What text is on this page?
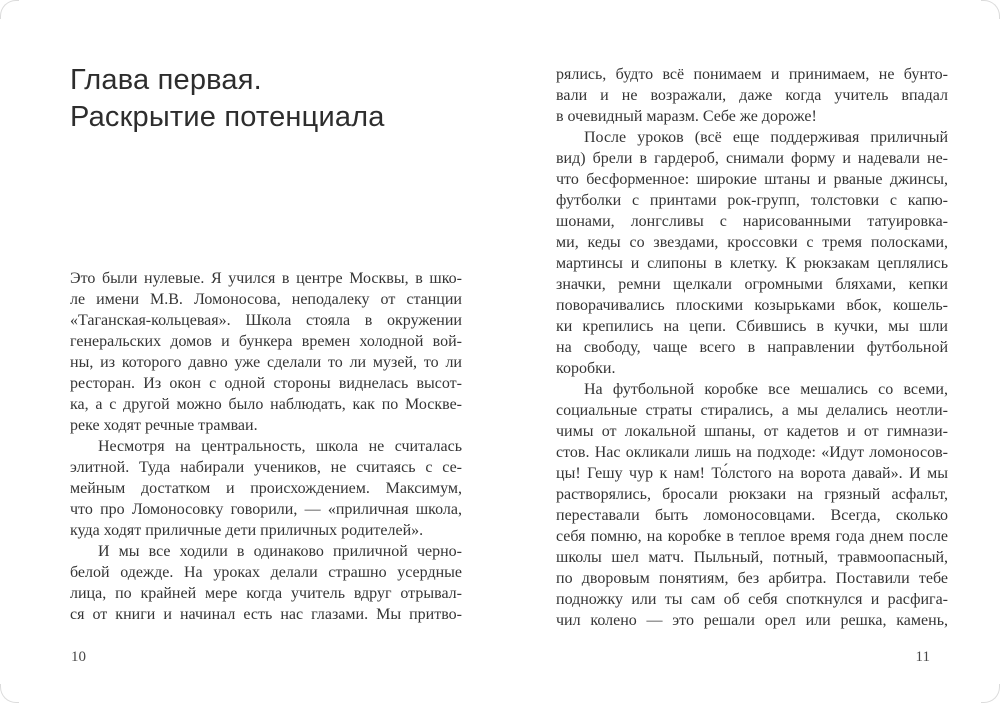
Глава первая.
Раскрытие потенциала
Это были нулевые. Я учился в центре Москвы, в шко-
ле имени М.В. Ломоносова, неподалеку от станции
«Таганская-кольцевая». Школа стояла в окружении
генеральских домов и бункера времен холодной вой-
ны, из которого давно уже сделали то ли музей, то ли
ресторан. Из окон с одной стороны виднелась высот-
ка, а с другой можно было наблюдать, как по Москве-
реке ходят речные трамваи.
Несмотря на центральность, школа не считалась
элитной. Туда набирали учеников, не считаясь с се-
мейным достатком и происхождением. Максимум,
что про Ломоносовку говорили, — «приличная школа,
куда ходят приличные дети приличных родителей».
И мы все ходили в одинаково приличной черно-
белой одежде. На уроках делали страшно усердные
лица, по крайней мере когда учитель вдруг отрывал-
ся от книги и начинал есть нас глазами. Мы притво-
10
рялись, будто всё понимаем и принимаем, не бунто-
вали и не возражали, даже когда учитель впадал
в очевидный маразм. Себе же дороже!
После уроков (всё еще поддерживая приличный
вид) брели в гардероб, снимали форму и надевали не-
что бесформенное: широкие штаны и рваные джинсы,
футболки с принтами рок-групп, толстовки с капю-
шонами, лонгсливы с нарисованными татуировка-
ми, кеды со звездами, кроссовки с тремя полосками,
мартинсы и слипоны в клетку. К рюкзакам цеплялись
значки, ремни щелкали огромными бляхами, кепки
поворачивались плоскими козырьками вбок, кошель-
ки крепились на цепи. Сбившись в кучки, мы шли
на свободу, чаще всего в направлении футбольной
коробки.
На футбольной коробке все мешались со всеми,
социальные страты стирались, а мы делались неотли-
чимы от локальной шпаны, от кадетов и от гимнази-
стов. Нас окликали лишь на подходе: «Идут ломоносов-
цы! Гешу чур к нам! То́лстого на ворота давай». И мы
растворялись, бросали рюкзаки на грязный асфальт,
переставали быть ломоносовцами. Всегда, сколько
себя помню, на коробке в теплое время года днем после
школы шел матч. Пыльный, потный, травмоопасный,
по дворовым понятиям, без арбитра. Поставили тебе
подножку или ты сам об себя споткнулся и расфига-
чил колено — это решали орел или решка, камень,
11
